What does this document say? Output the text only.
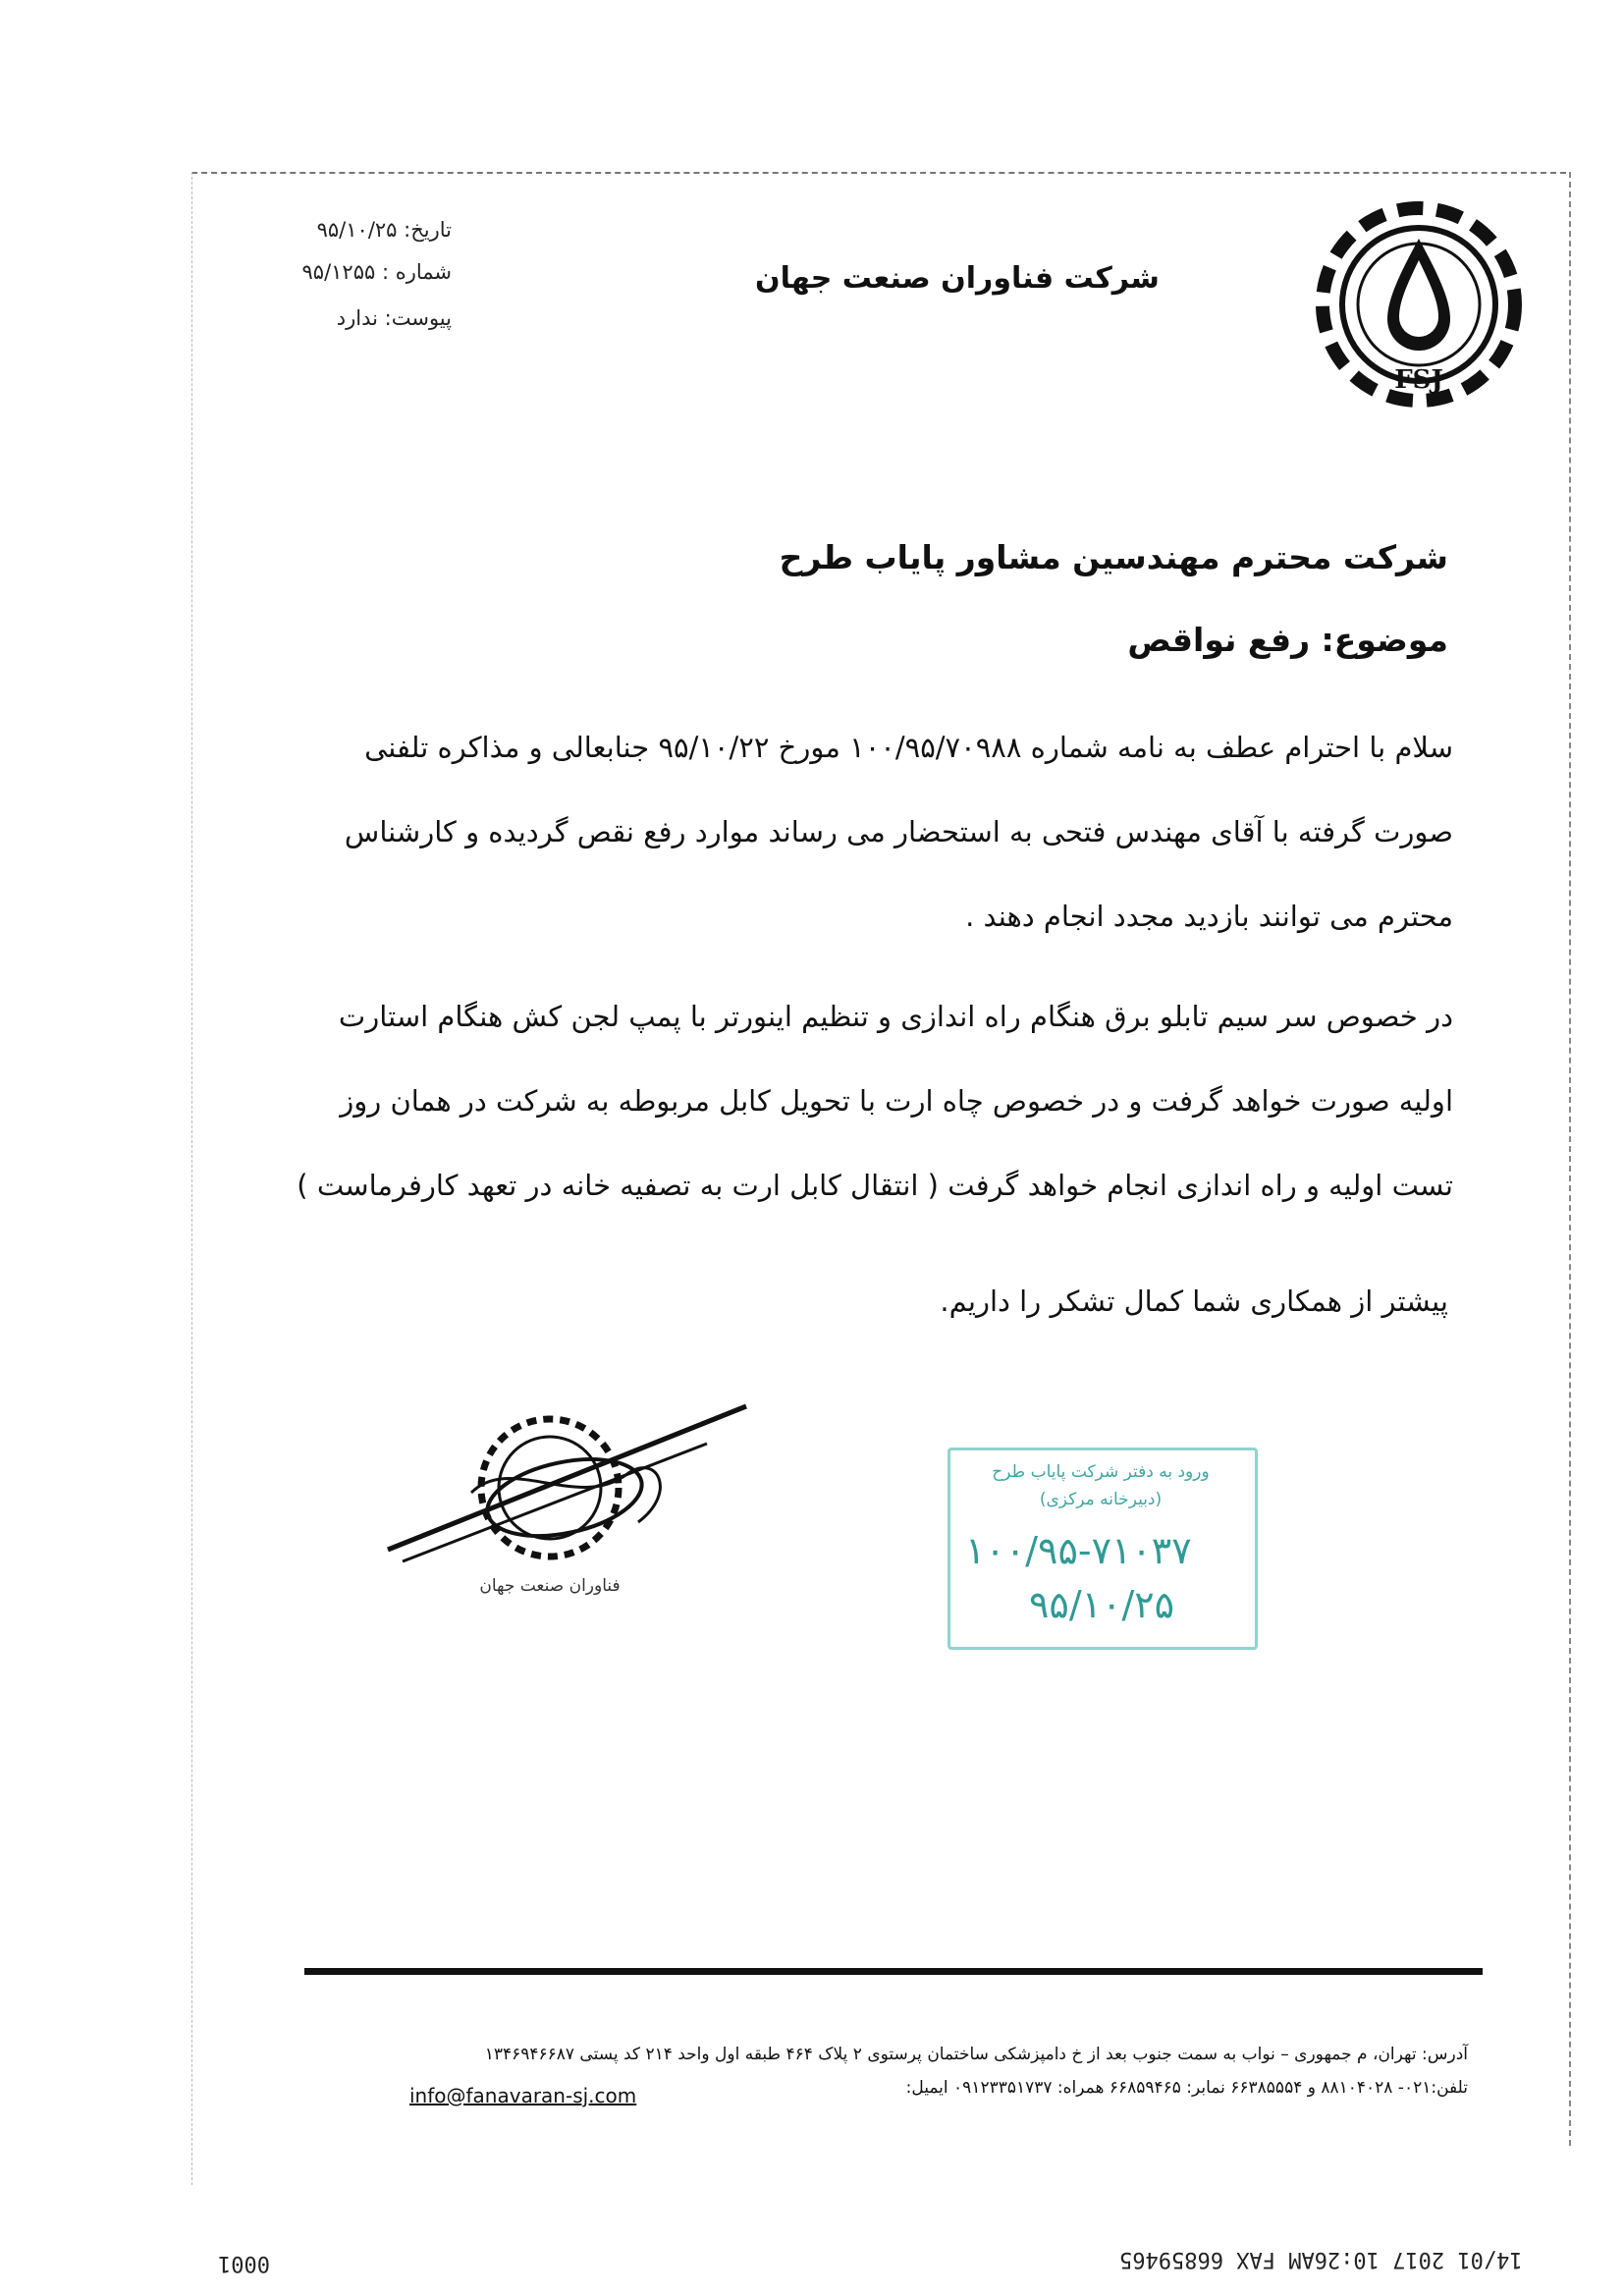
FSJ
شرکت فناوران صنعت جهان
تاریخ: ۹۵/۱۰/۲۵
شماره : ۹۵/۱۲۵۵
پیوست: ندارد
شرکت محترم مهندسین مشاور پایاب طرح
موضوع: رفع نواقص
سلام با احترام عطف به نامه شماره ۱۰۰/۹۵/۷۰۹۸۸ مورخ ۹۵/۱۰/۲۲ جنابعالی و مذاکره تلفنی صورت گرفته با آقای مهندس فتحی به استحضار می رساند موارد رفع نقص گردیده و کارشناس محترم می توانند بازدید مجدد انجام دهند .
در خصوص سر سیم تابلو برق هنگام راه اندازی و تنظیم اینورتر با پمپ لجن کش هنگام استارت اولیه صورت خواهد گرفت و در خصوص چاه ارت با تحویل کابل مربوطه به شرکت در همان روز تست اولیه و راه اندازی انجام خواهد گرفت ( انتقال کابل ارت به تصفیه خانه در تعهد کارفرماست )
پیشتر از همکاری شما کمال تشکر را داریم.
فناوران صنعت جهان
ورود به دفتر شرکت پایاب طرح
(دبیرخانه مرکزی)
۱۰۰/۹۵-۷۱۰۳۷
۹۵/۱۰/۲۵
آدرس: تهران، م جمهوری – نواب به سمت جنوب بعد از خ دامپزشکی ساختمان پرستوی ۲ پلاک ۴۶۴ طبقه اول واحد ۲۱۴ کد پستی ۱۳۴۶۹۴۶۶۸۷
تلفن:۰۲۱- ۸۸۱۰۴۰۲۸ و ۶۶۳۸۵۵۵۴ نمابر: ۶۶۸۵۹۴۶۵ همراه: ۰۹۱۲۳۳۵۱۷۳۷ ایمیل:
info@fanavaran-sj.com
14/01 2017 10:26AM FAX 66859465
0001
